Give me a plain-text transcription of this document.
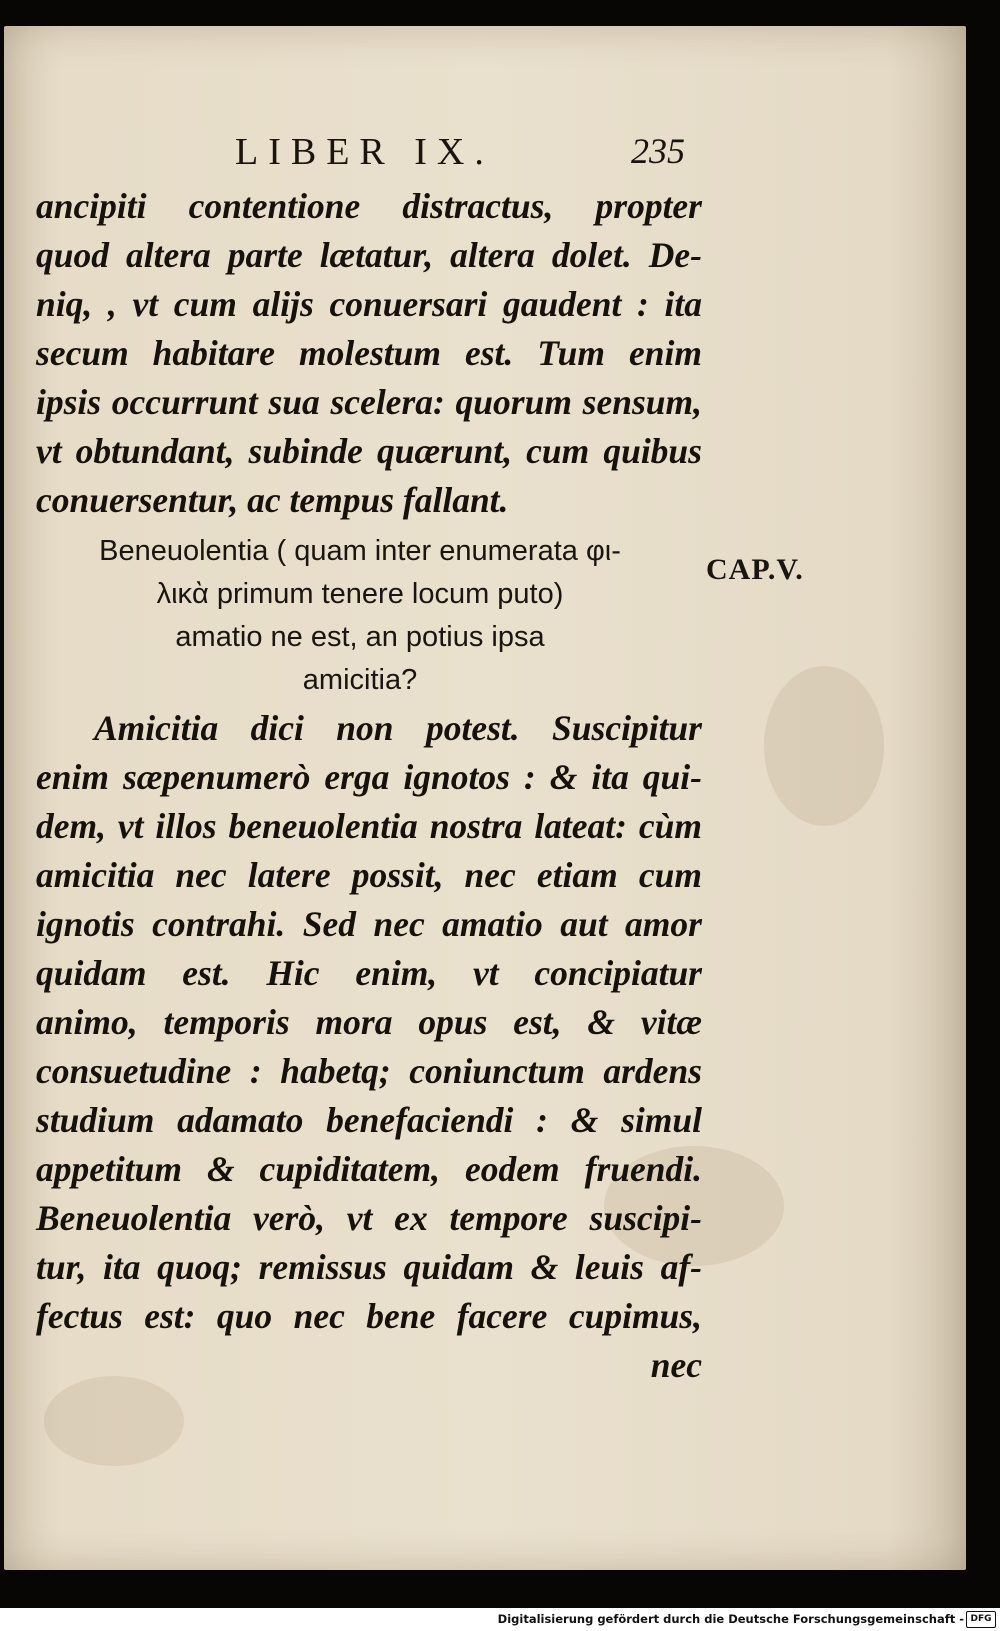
LIBER IX.	235

ancipiti contentione distractus, propter
quod altera parte lætatur, altera dolet. De-
niq, , vt cum alijs conuersari gaudent : ita
secum habitare molestum est. Tum enim
ipsis occurrunt sua scelera: quorum sensum,
vt obtundant, subinde quærunt, cum quibus
conuersentur, ac tempus fallant.

Beneuolentia ( quam inter enumerata φι-
λικὰ primum tenere locum puto)
amatio ne est, an potius ipsa
amicitia?
CAP.V.

Amicitia dici non potest. Suscipitur
enim sæpenumerò erga ignotos : & ita qui-
dem, vt illos beneuolentia nostra lateat: cùm
amicitia nec latere possit, nec etiam cum
ignotis contrahi. Sed nec amatio aut amor
quidam est. Hic enim, vt concipiatur
animo, temporis mora opus est, & vitæ
consuetudine : habetq; coniunctum ardens
studium adamato benefaciendi : & simul
appetitum & cupiditatem, eodem fruendi.
Beneuolentia verò, vt ex tempore suscipi-
tur, ita quoq; remissus quidam & leuis af-
fectus est: quo nec bene facere cupimus,
nec

Digitalisierung gefördert durch die Deutsche Forschungsgemeinschaft - DFG
